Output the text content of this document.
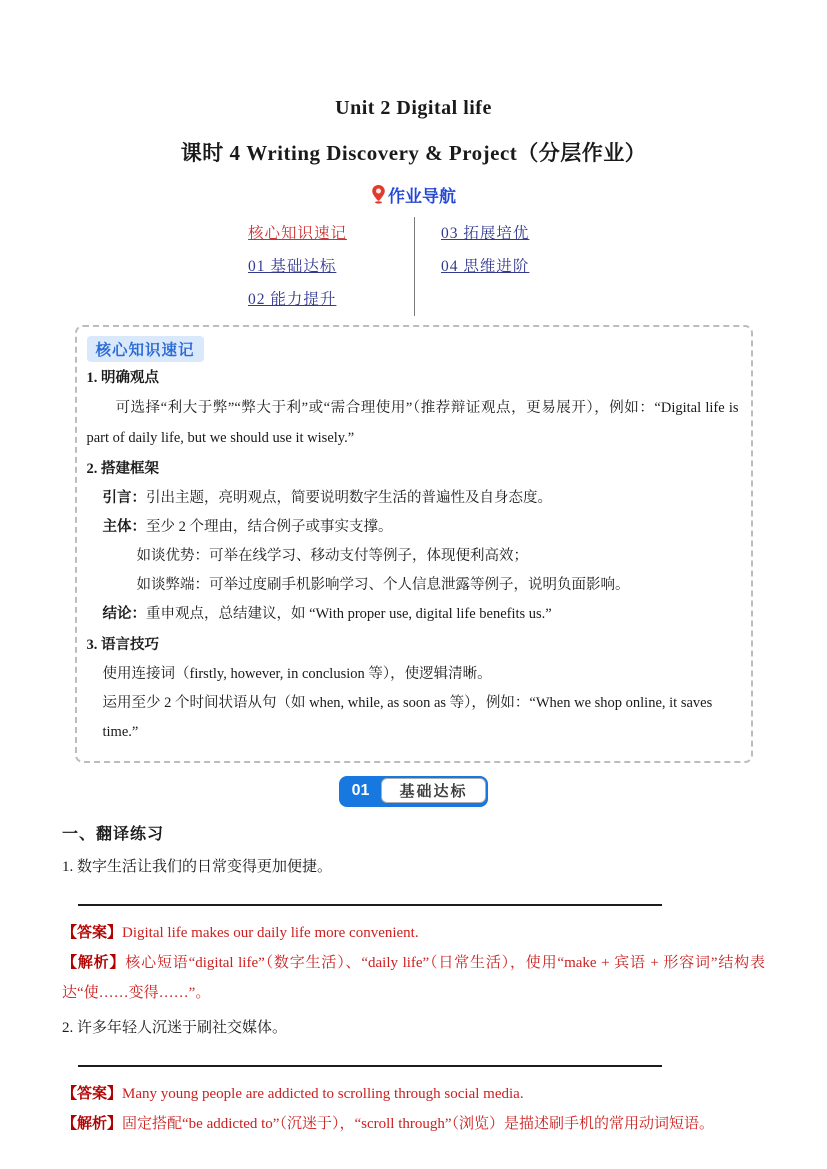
Unit 2 Digital life
课时 4 Writing Discovery & Project（分层作业）
作业导航
核心知识速记
01 基础达标
02 能力提升
03 拓展培优
04 思维进阶
核心知识速记
1. 明确观点

可选择“利大于弊”“弊大于利”或“需合理使用”（推荐辩证观点，更易展开），例如：“Digital life is part of daily life, but we should use it wisely.”

2. 搭建框架
引言：引出主题，亮明观点，简要说明数字生活的普遍性及自身态度。
主体：至少 2 个理由，结合例子或事实支撑。
如谈优势：可举在线学习、移动支付等例子，体现便利高效；
如谈弊端：可举过度刷手机影响学习、个人信息泄露等例子，说明负面影响。
结论：重申观点，总结建议，如 “With proper use, digital life benefits us.”
3. 语言技巧
使用连接词（firstly, however, in conclusion 等），使逻辑清晰。
运用至少 2 个时间状语从句（如 when, while, as soon as 等），例如：“When we shop online, it saves time.”
01	基础达标
一、翻译练习
1. 数字生活让我们的日常变得更加便捷。
【答案】Digital life makes our daily life more convenient.
【解析】核心短语“digital life”（数字生活）、“daily life”（日常生活），使用“make + 宾语 + 形容词”结构表达“使……变得……”。
2. 许多年轻人沉迷于刷社交媒体。
【答案】Many young people are addicted to scrolling through social media.
【解析】固定搭配“be addicted to”（沉迷于），“scroll through”（浏览）是描述刷手机的常用动词短语。
